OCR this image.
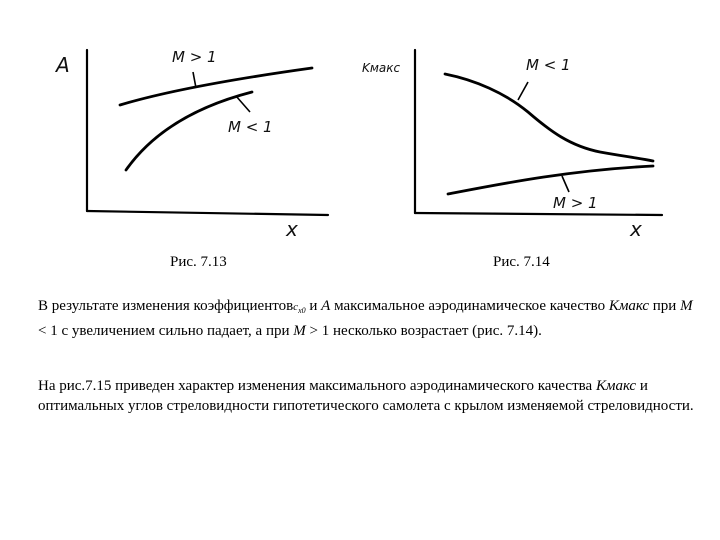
A
x
M > 1
M < 1
Kмакс
x
M < 1
M > 1
Рис. 7.13	Рис. 7.14
В результате изменения коэффициентовc$_{x0}$ и A максимальное аэродинамическое качество Кмакс при M < 1 с увеличением сильно падает, а при M > 1 несколько возрастает (рис. 7.14).
На рис.7.15 приведен характер изменения максимального аэродинамического качества Кмакс и оптимальных углов стреловидности гипотетического самолета с крылом изменяемой стреловидности.
